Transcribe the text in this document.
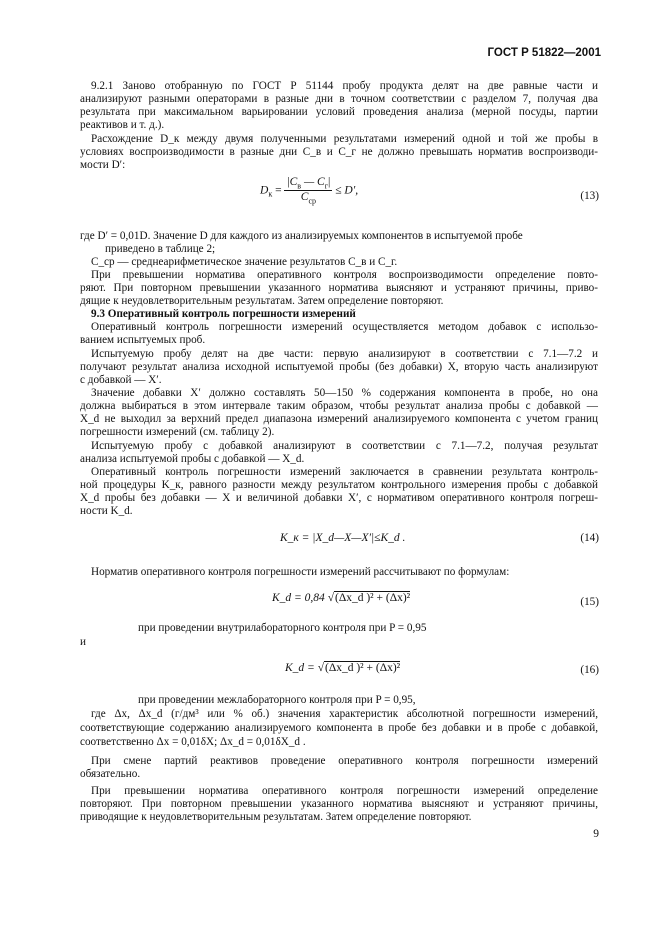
ГОСТ Р 51822—2001

9.2.1 Заново отобранную по ГОСТ Р 51144 пробу продукта делят на две равные части и

анализируют разными операторами в разные дни в точном соответствии с разделом 7, получая два

результата при максимальном варьировании условий проведения анализа (мерной посуды, партии

реактивов и т. д.).

Расхождение D_к между двумя полученными результатами измерений одной и той же пробы в

условиях воспроизводимости в разные дни C_в и C_г не должно превышать норматив воспроизводи-

мости D′:

$D_к = \frac{|C_в — C_г|}{C_{ср}} \le D'$,	(13)

где D′ = 0,01D. Значение D для каждого из анализируемых компонентов в испытуемой пробе

приведено в таблице 2;

C_ср — среднеарифметическое значение результатов C_в и C_г.

При превышении норматива оперативного контроля воспроизводимости определение повто-

ряют. При повторном превышении указанного норматива выясняют и устраняют причины, приво-

дящие к неудовлетворительным результатам. Затем определение повторяют.

9.3 Оперативный контроль погрешности измерений

Оперативный контроль погрешности измерений осуществляется методом добавок с использо-

ванием испытуемых проб.

Испытуемую пробу делят на две части: первую анализируют в соответствии с 7.1—7.2 и

получают результат анализа исходной испытуемой пробы (без добавки) X, вторую часть анализируют

с добавкой — X′.

Значение добавки X′ должно составлять 50—150 % содержания компонента в пробе, но она

должна выбираться в этом интервале таким образом, чтобы результат анализа пробы с добавкой —

X_d не выходил за верхний предел диапазона измерений анализируемого компонента с учетом границ

погрешности измерений (см. таблицу 2).

Испытуемую пробу с добавкой анализируют в соответствии с 7.1—7.2, получая результат

анализа испытуемой пробы с добавкой — X_d.

Оперативный контроль погрешности измерений заключается в сравнении результата контроль-

ной процедуры K_к, равного разности между результатом контрольного измерения пробы с добавкой

X_d пробы без добавки — X и величиной добавки X′, с нормативом оперативного контроля погреш-

ности K_d.

K_к = |X_d—X—X′|≤K_d .	(14)

Норматив оперативного контроля погрешности измерений рассчитывают по формулам:

K_d = 0,84 √(Δx_d )² + (Δx)²	(15)

при проведении внутрилабораторного контроля при P = 0,95

и

K_d = √(Δx_d )² + (Δx)²	(16)

при проведении межлабораторного контроля при P = 0,95,

где Δx, Δx_d (г/дм³ или % об.) значения характеристик абсолютной погрешности измерений,

соответствующие содержанию анализируемого компонента в пробе без добавки и в пробе с добавкой,

соответственно Δx = 0,01δX; Δx_d = 0,01δX_d .

При смене партий реактивов проведение оперативного контроля погрешности измерений

обязательно.

При превышении норматива оперативного контроля погрешности измерений определение

повторяют. При повторном превышении указанного норматива выясняют и устраняют причины,

приводящие к неудовлетворительным результатам. Затем определение повторяют.

9
